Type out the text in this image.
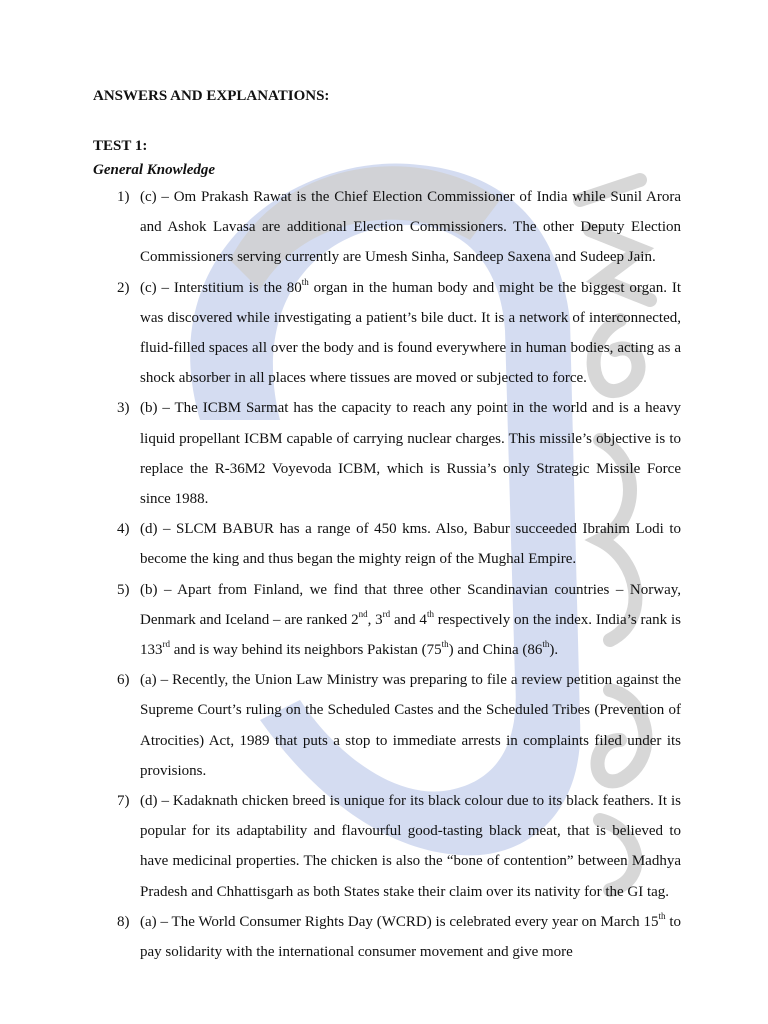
ANSWERS AND EXPLANATIONS:
TEST 1:
General Knowledge
1) (c) – Om Prakash Rawat is the Chief Election Commissioner of India while Sunil Arora and Ashok Lavasa are additional Election Commissioners. The other Deputy Election Commissioners serving currently are Umesh Sinha, Sandeep Saxena and Sudeep Jain.
2) (c) – Interstitium is the 80th organ in the human body and might be the biggest organ. It was discovered while investigating a patient’s bile duct. It is a network of interconnected, fluid-filled spaces all over the body and is found everywhere in human bodies, acting as a shock absorber in all places where tissues are moved or subjected to force.
3) (b) – The ICBM Sarmat has the capacity to reach any point in the world and is a heavy liquid propellant ICBM capable of carrying nuclear charges. This missile’s objective is to replace the R-36M2 Voyevoda ICBM, which is Russia’s only Strategic Missile Force since 1988.
4) (d) – SLCM BABUR has a range of 450 kms. Also, Babur succeeded Ibrahim Lodi to become the king and thus began the mighty reign of the Mughal Empire.
5) (b) – Apart from Finland, we find that three other Scandinavian countries – Norway, Denmark and Iceland – are ranked 2nd, 3rd and 4th respectively on the index. India’s rank is 133rd and is way behind its neighbors Pakistan (75th) and China (86th).
6) (a) – Recently, the Union Law Ministry was preparing to file a review petition against the Supreme Court’s ruling on the Scheduled Castes and the Scheduled Tribes (Prevention of Atrocities) Act, 1989 that puts a stop to immediate arrests in complaints filed under its provisions.
7) (d) – Kadaknath chicken breed is unique for its black colour due to its black feathers. It is popular for its adaptability and flavourful good-tasting black meat, that is believed to have medicinal properties. The chicken is also the “bone of contention” between Madhya Pradesh and Chhattisgarh as both States stake their claim over its nativity for the GI tag.
8) (a) – The World Consumer Rights Day (WCRD) is celebrated every year on March 15th to pay solidarity with the international consumer movement and give more
